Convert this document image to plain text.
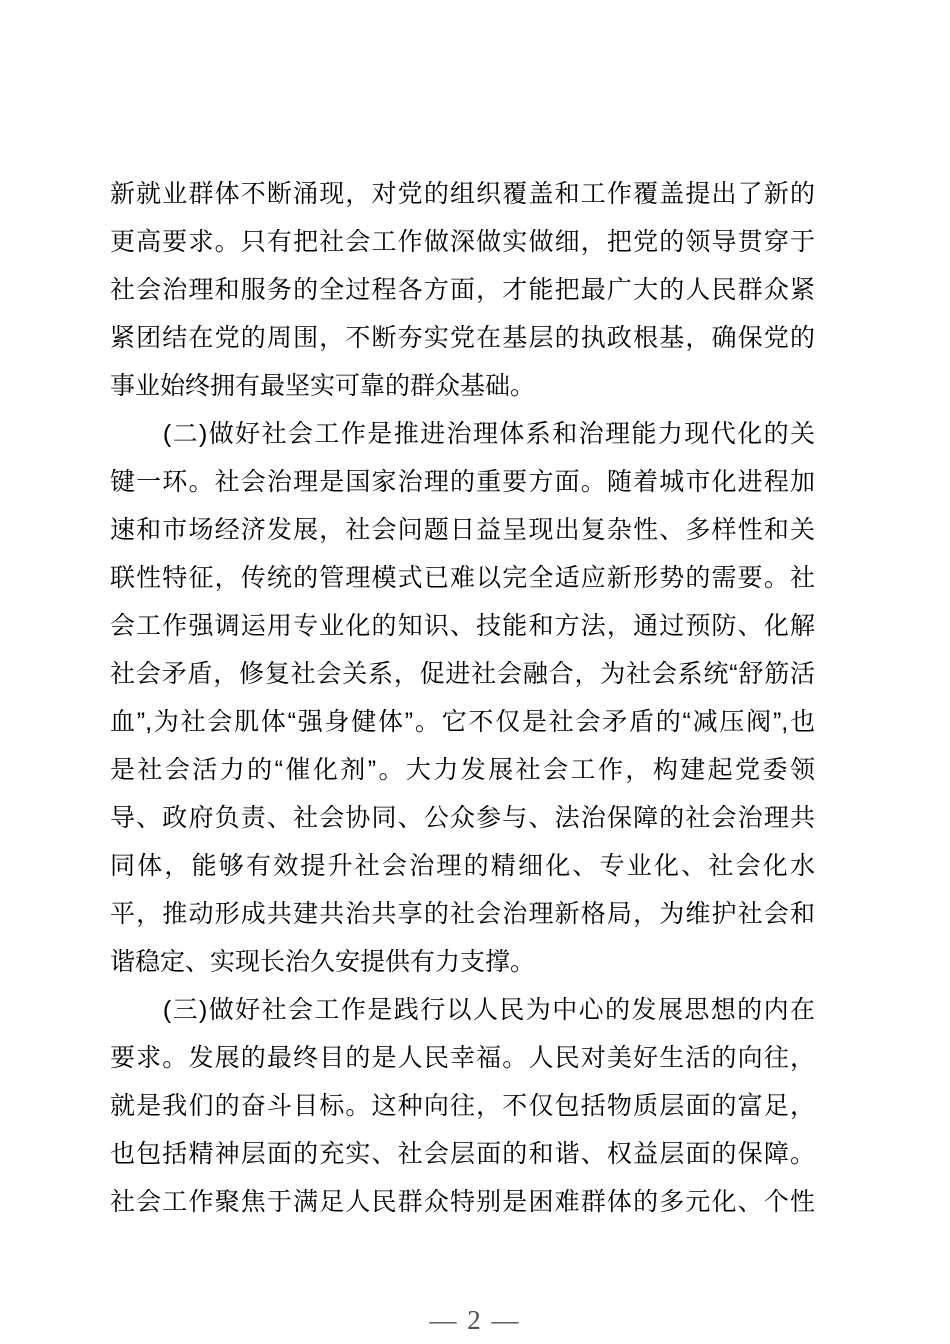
新就业群体不断涌现，对党的组织覆盖和工作覆盖提出了新的
更高要求。只有把社会工作做深做实做细，把党的领导贯穿于
社会治理和服务的全过程各方面，才能把最广大的人民群众紧
紧团结在党的周围，不断夯实党在基层的执政根基，确保党的
事业始终拥有最坚实可靠的群众基础。
　　(二)做好社会工作是推进治理体系和治理能力现代化的关
键一环。社会治理是国家治理的重要方面。随着城市化进程加
速和市场经济发展，社会问题日益呈现出复杂性、多样性和关
联性特征，传统的管理模式已难以完全适应新形势的需要。社
会工作强调运用专业化的知识、技能和方法，通过预防、化解
社会矛盾，修复社会关系，促进社会融合，为社会系统“舒筋活
血”,为社会肌体“强身健体”。它不仅是社会矛盾的“减压阀”,也
是社会活力的“催化剂”。大力发展社会工作，构建起党委领
导、政府负责、社会协同、公众参与、法治保障的社会治理共
同体，能够有效提升社会治理的精细化、专业化、社会化水
平，推动形成共建共治共享的社会治理新格局，为维护社会和
谐稳定、实现长治久安提供有力支撑。
　　(三)做好社会工作是践行以人民为中心的发展思想的内在
要求。发展的最终目的是人民幸福。人民对美好生活的向往，
就是我们的奋斗目标。这种向往，不仅包括物质层面的富足，
也包括精神层面的充实、社会层面的和谐、权益层面的保障。
社会工作聚焦于满足人民群众特别是困难群体的多元化、个性
— 2 —
